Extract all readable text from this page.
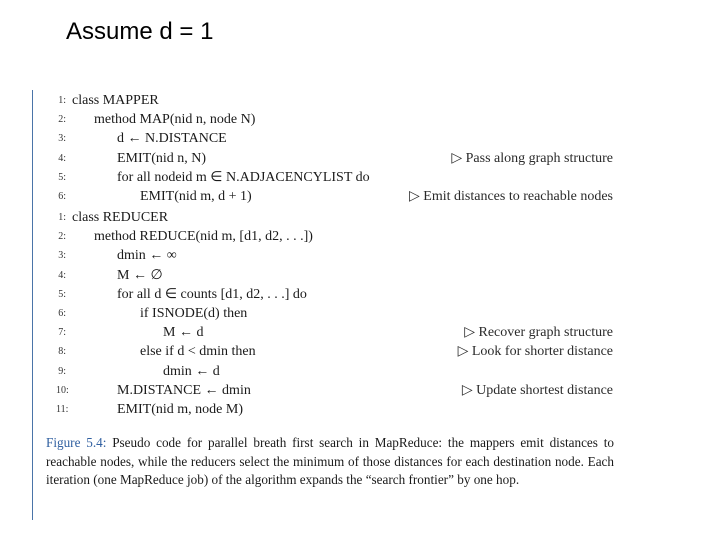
Assume d = 1
1: class MAPPER
2: method MAP(nid n, node N)
3:	d ← N.DISTANCE
4:	EMIT(nid n, N)	▷ Pass along graph structure
5:	for all nodeid m ∈ N.ADJACENCYLIST do
6:	EMIT(nid m, d + 1)	▷ Emit distances to reachable nodes
1: class REDUCER
2: method REDUCE(nid m, [d1, d2, . . .])
3:	dmin ← ∞
4:	M ← ∅
5:	for all d ∈ counts [d1, d2, . . .] do
6:	if ISNODE(d) then
7:	M ← d	▷ Recover graph structure
8:	else if d < dmin then	▷ Look for shorter distance
9:	dmin ← d
10:	M.DISTANCE ← dmin	▷ Update shortest distance
11:	EMIT(nid m, node M)
Figure 5.4: Pseudo code for parallel breath first search in MapReduce: the mappers emit distances to reachable nodes, while the reducers select the minimum of those distances for each destination node. Each iteration (one MapReduce job) of the algorithm expands the “search frontier” by one hop.
